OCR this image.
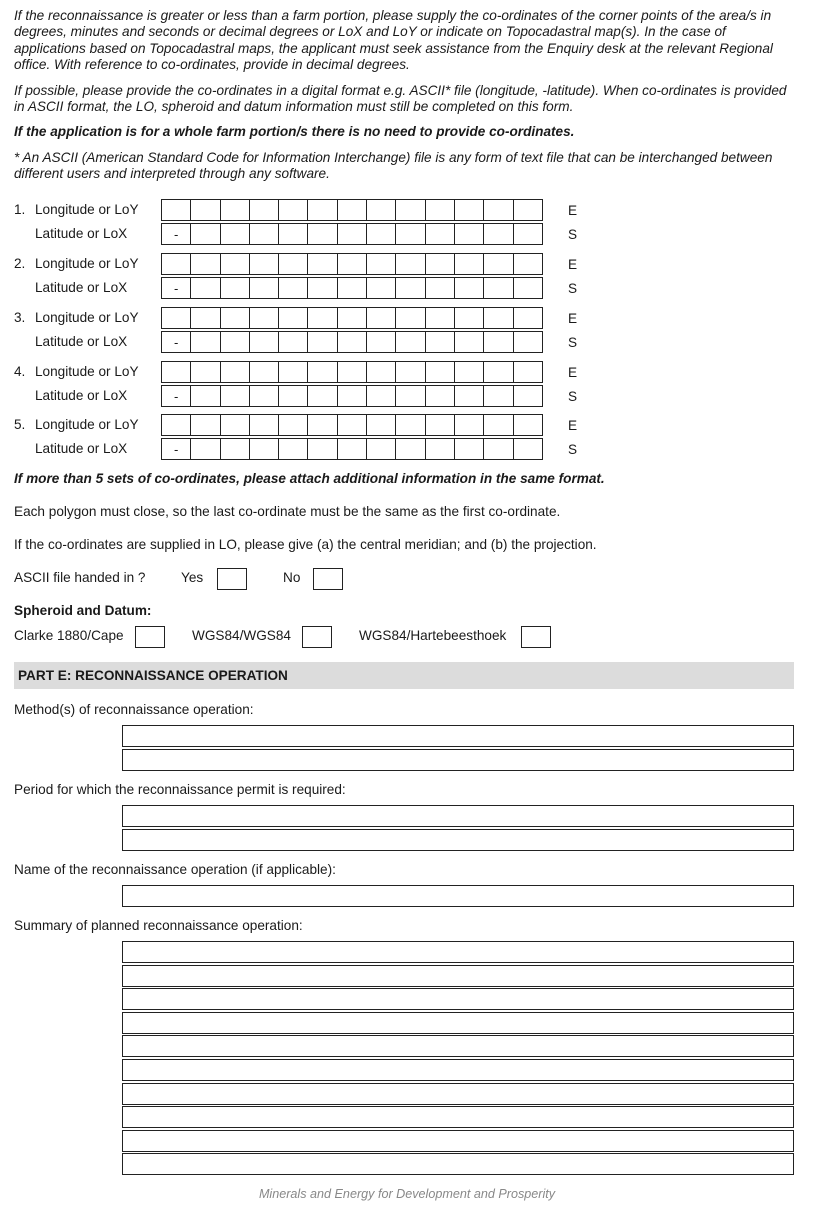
If the reconnaissance is greater or less than a farm portion, please supply the co-ordinates of the corner points of the area/s in degrees, minutes and seconds or decimal degrees or LoX and LoY or indicate on Topocadastral map(s). In the case of applications based on Topocadastral maps, the applicant must seek assistance from the Enquiry desk at the relevant Regional office. With reference to co-ordinates, provide in decimal degrees.

If possible, please provide the co-ordinates in a digital format e.g. ASCII* file (longitude, -latitude). When co-ordinates is provided in ASCII format, the LO, spheroid and datum information must still be completed on this form.

If the application is for a whole farm portion/s there is no need to provide co-ordinates.

* An ASCII (American Standard Code for Information Interchange) file is any form of text file that can be interchanged between different users and interpreted through any software.

1. Longitude or LoY	E
Latitude or LoX	-	S
2. Longitude or LoY	E
Latitude or LoX	-	S
3. Longitude or LoY	E
Latitude or LoX	-	S
4. Longitude or LoY	E
Latitude or LoX	-	S
5. Longitude or LoY	E
Latitude or LoX	-	S
If more than 5 sets of co-ordinates, please attach additional information in the same format.
Each polygon must close, so the last co-ordinate must be the same as the first co-ordinate.
If the co-ordinates are supplied in LO, please give (a) the central meridian; and (b) the projection.
ASCII file handed in ?	Yes	No
Spheroid and Datum:
Clarke 1880/Cape	WGS84/WGS84	WGS84/Hartebeesthoek
PART E: RECONNAISSANCE OPERATION
Method(s) of reconnaissance operation:
Period for which the reconnaissance permit is required:
Name of the reconnaissance operation (if applicable):
Summary of planned reconnaissance operation:
Minerals and Energy for Development and Prosperity
